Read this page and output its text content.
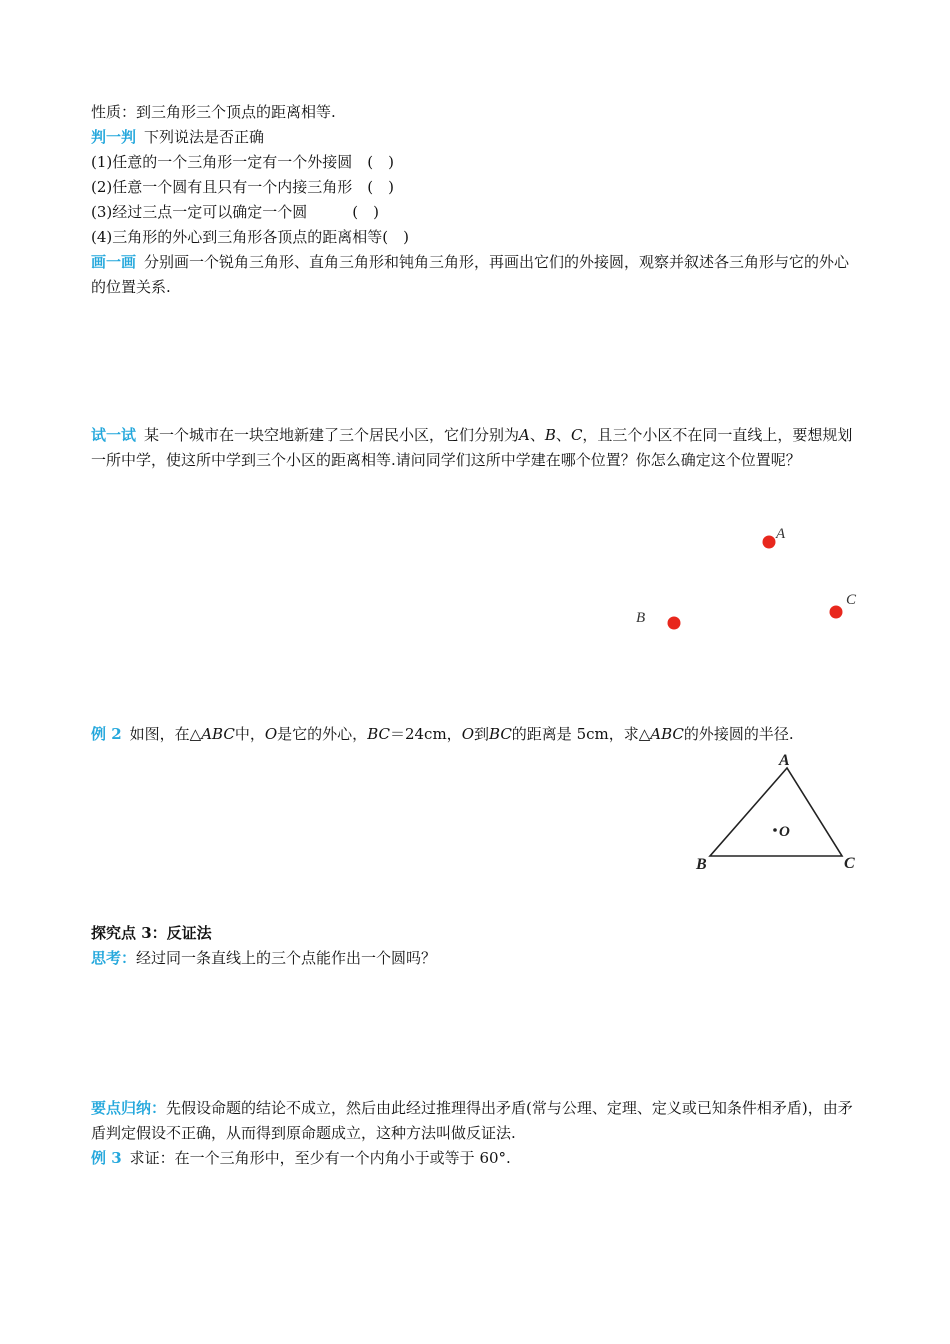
性质：到三角形三个顶点的距离相等.
判一判 下列说法是否正确
(1)任意的一个三角形一定有一个外接圆　(　)
(2)任意一个圆有且只有一个内接三角形　(　)
(3)经过三点一定可以确定一个圆　　　(　)
(4)三角形的外心到三角形各顶点的距离相等(　)
画一画 分别画一个锐角三角形、直角三角形和钝角三角形，再画出它们的外接圆，观察并叙述各三角形与它的外心的位置关系.
试一试 某一个城市在一块空地新建了三个居民小区，它们分别为A、B、C，且三个小区不在同一直线上，要想规划一所中学，使这所中学到三个小区的距离相等.请问同学们这所中学建在哪个位置？你怎么确定这个位置呢？
A
B
C
例 2 如图，在△ABC中，O是它的外心，BC＝24cm，O到BC的距离是 5cm，求△ABC的外接圆的半径.
A
B	C
O
探究点 3：反证法
思考：经过同一条直线上的三个点能作出一个圆吗？
要点归纳：先假设命题的结论不成立，然后由此经过推理得出矛盾(常与公理、定理、定义或已知条件相矛盾)，由矛盾判定假设不正确，从而得到原命题成立，这种方法叫做反证法.
例 3 求证：在一个三角形中，至少有一个内角小于或等于 60°.
